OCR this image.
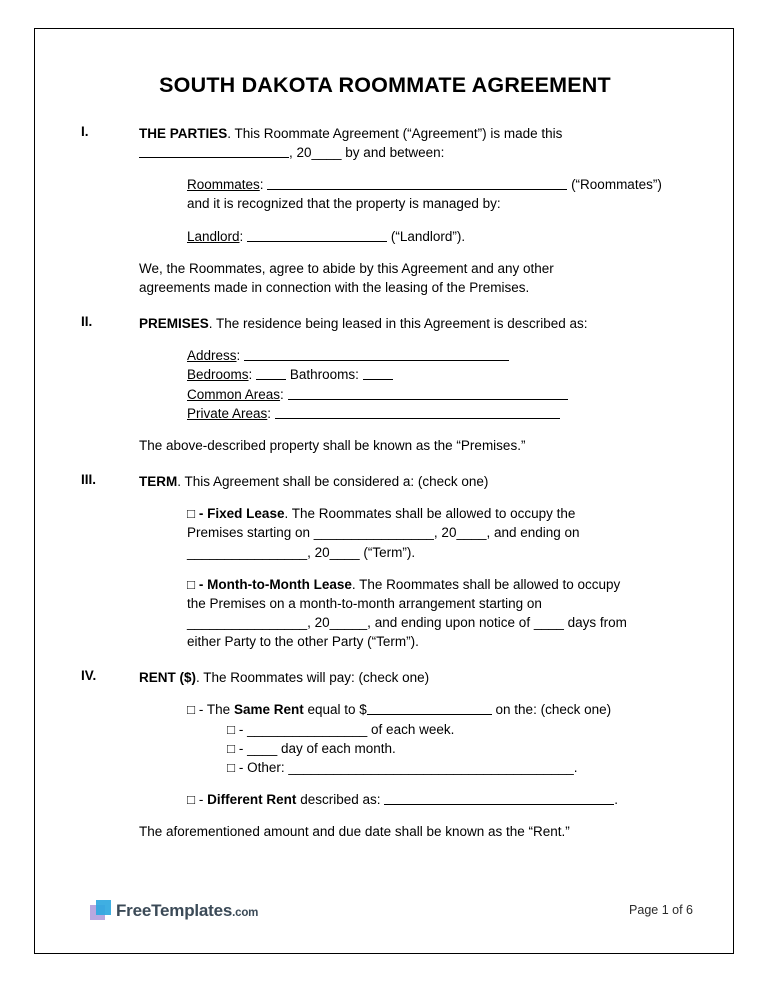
SOUTH DAKOTA ROOMMATE AGREEMENT
I.	THE PARTIES. This Roommate Agreement (“Agreement”) is made this
, 20____ by and between:
Roommates:	(“Roommates”)
and it is recognized that the property is managed by:
Landlord:	(“Landlord”).
We, the Roommates, agree to abide by this Agreement and any other
agreements made in connection with the leasing of the Premises.
II.	PREMISES. The residence being leased in this Agreement is described as:
Address:
Bedrooms:	Bathrooms:
Common Areas:
Private Areas:
The above-described property shall be known as the “Premises.”
III.	TERM. This Agreement shall be considered a: (check one)
□ - Fixed Lease. The Roommates shall be allowed to occupy the
Premises starting on ________________, 20____, and ending on
________________, 20____ (“Term”).
□ - Month-to-Month Lease. The Roommates shall be allowed to occupy
the Premises on a month-to-month arrangement starting on
________________, 20_____, and ending upon notice of ____ days from
either Party to the other Party (“Term”).
IV.	RENT ($). The Roommates will pay: (check one)
□ - The Same Rent equal to $	on the: (check one)
□ - ________________ of each week.
□ - ____ day of each month.
□ - Other: ______________________________________.
□ - Different Rent described as:	.
The aforementioned amount and due date shall be known as the “Rent.”
FreeTemplates.com	Page 1 of 6
